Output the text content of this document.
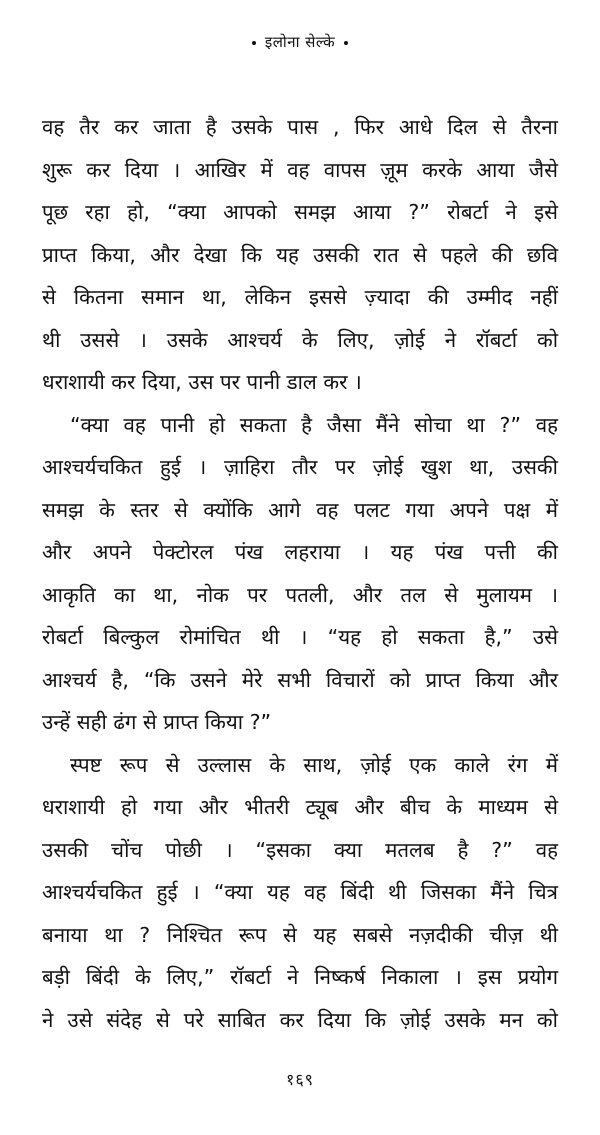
इलोना सेल्के
वह तैर कर जाता है उसके पास , फिर आधे दिल से तैरना
शुरू कर दिया । आखिर में वह वापस ज़ूम करके आया जैसे
पूछ रहा हो, “क्या आपको समझ आया ?” रोबर्टा ने इसे
प्राप्त किया, और देखा कि यह उसकी रात से पहले की छवि
से कितना समान था, लेकिन इससे ज़्यादा की उम्मीद नहीं
थी उससे । उसके आश्चर्य के लिए, ज़ोई ने रॉबर्टा को
धराशायी कर दिया, उस पर पानी डाल कर ।
“क्या वह पानी हो सकता है जैसा मैंने सोचा था ?” वह
आश्चर्यचकित हुई । ज़ाहिरा तौर पर ज़ोई खुश था, उसकी
समझ के स्तर से क्योंकि आगे वह पलट गया अपने पक्ष में
और अपने पेक्टोरल पंख लहराया । यह पंख पत्ती की
आकृति का था, नोक पर पतली, और तल से मुलायम ।
रोबर्टा बिल्कुल रोमांचित थी । “यह हो सकता है,” उसे
आश्चर्य है, “कि उसने मेरे सभी विचारों को प्राप्त किया और
उन्हें सही ढंग से प्राप्त किया ?”
स्पष्ट रूप से उल्लास के साथ, ज़ोई एक काले रंग में
धराशायी हो गया और भीतरी ट्यूब और बीच के माध्यम से
उसकी चोंच पोछी । “इसका क्या मतलब है ?” वह
आश्चर्यचकित हुई । “क्या यह वह बिंदी थी जिसका मैंने चित्र
बनाया था ? निश्चित रूप से यह सबसे नज़दीकी चीज़ थी
बड़ी बिंदी के लिए,” रॉबर्टा ने निष्कर्ष निकाला । इस प्रयोग
ने उसे संदेह से परे साबित कर दिया कि ज़ोई उसके मन को
१६९
